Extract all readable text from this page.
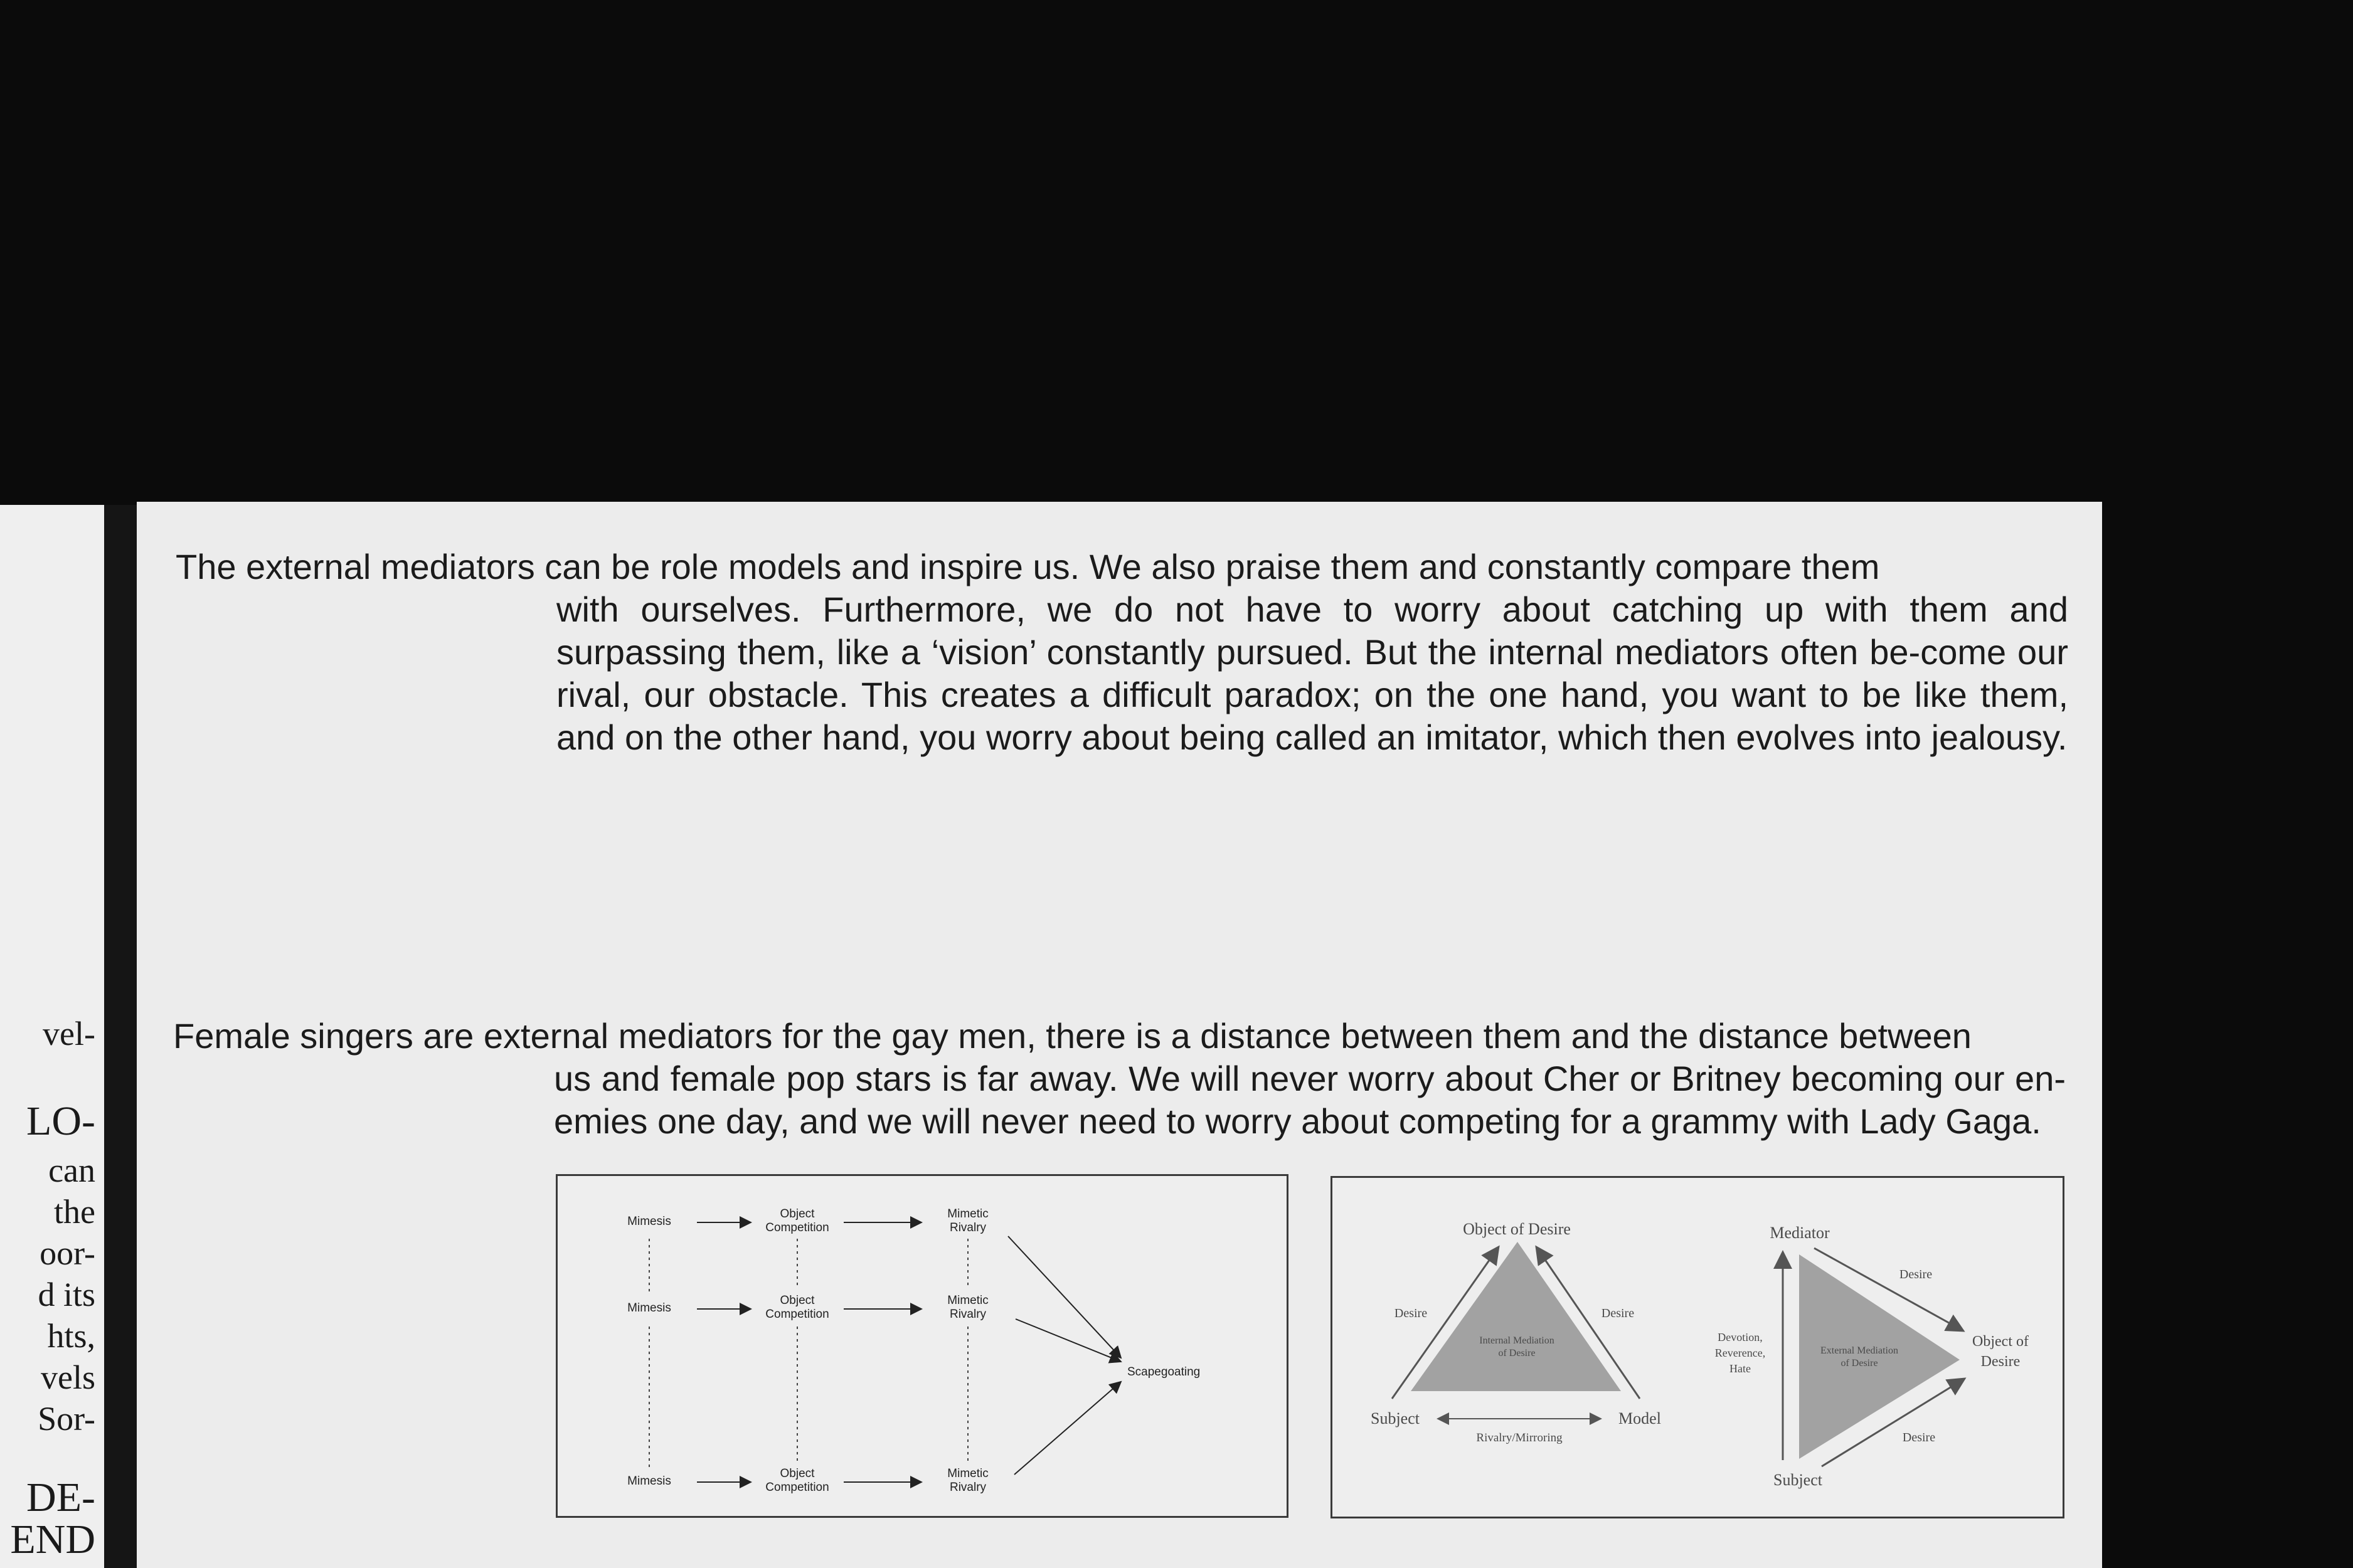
vel-
LO-
can
the
oor-
d its
hts,
vels
Sor-
DE-
END
The external mediators can be role models and inspire us. We also praise them and constantly compare them
with ourselves. Furthermore, we do not have to worry about catching up with them and surpassing them, like a ‘vision’ constantly pursued. But the internal mediators often be-come our rival, our obstacle. This creates a difficult paradox; on the one hand, you want to be like them, and on the other hand, you worry about being called an imitator, which then evolves into jealousy.
Female singers are external mediators for the gay men, there is a distance between them and the distance between
us and female pop stars is far away. We will never worry about Cher or Britney becoming our en-emies one day, and we will never need to worry about competing for a grammy with Lady Gaga.
Mimesis
Object
Competition
Mimetic
Rivalry
Mimesis
Object
Competition
Mimetic
Rivalry
Mimesis
Object
Competition
Mimetic
Rivalry
Scapegoating
Internal Mediation
of Desire
Object of Desire
Desire	Desire
Subject	Model
Rivalry/Mirroring
External Mediation
of Desire
Mediator
Desire
Object of
Desire
Devotion,
Reverence,
Hate
Desire
Subject
